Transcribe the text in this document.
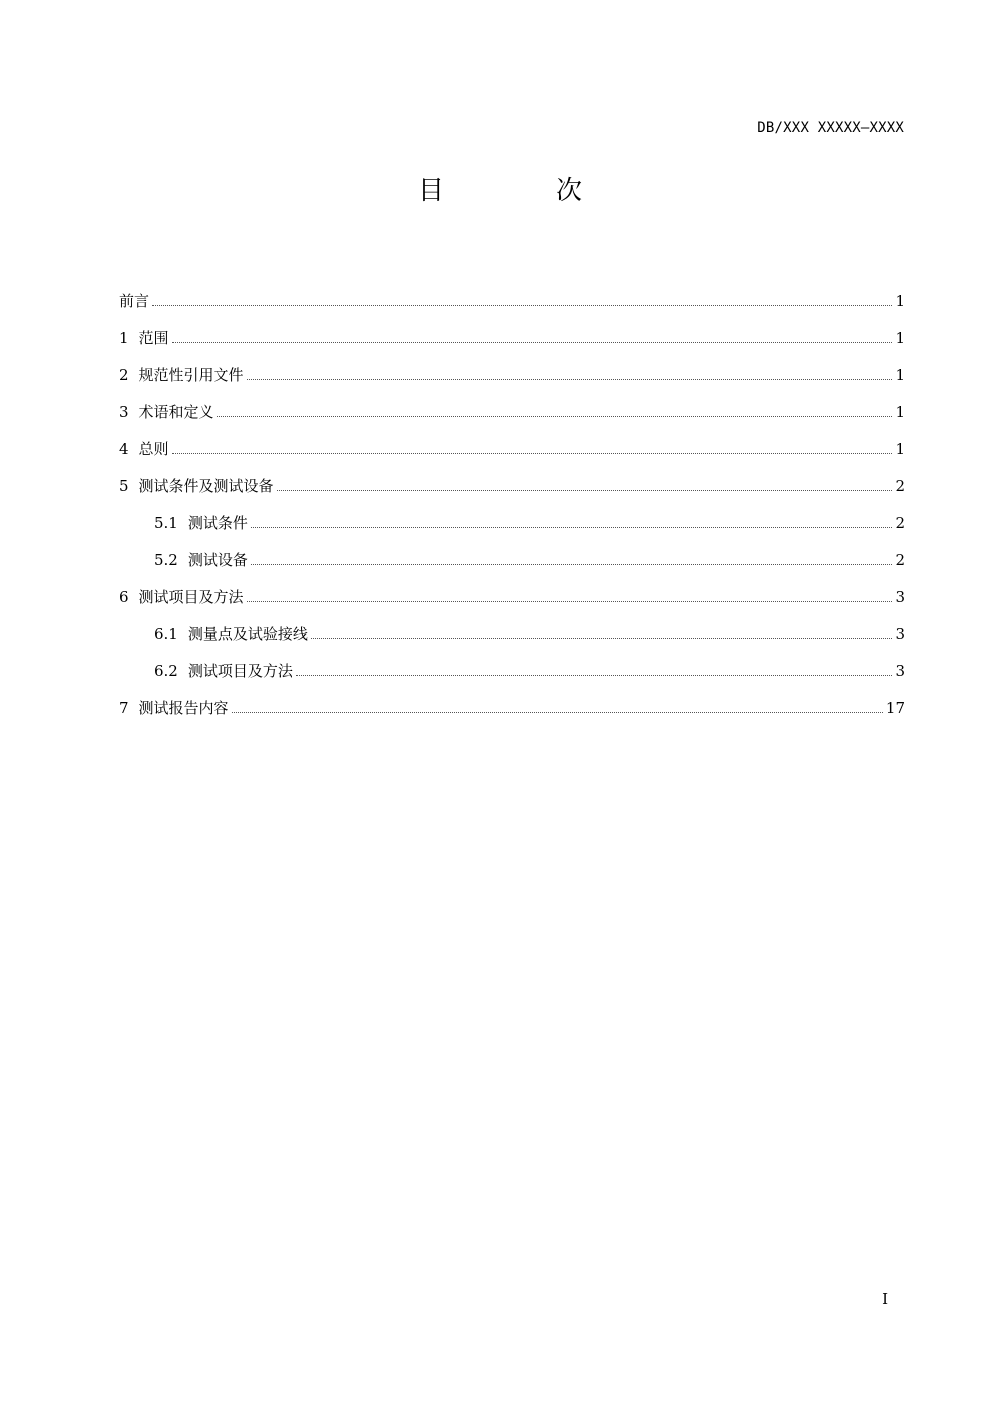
DB/XXX XXXXX—XXXX
目	次
前言	1
1 范围	1
2 规范性引用文件	1
3 术语和定义	1
4 总则	1
5 测试条件及测试设备	2
5.1 测试条件	2
5.2 测试设备	2
6 测试项目及方法	3
6.1 测量点及试验接线	3
6.2 测试项目及方法	3
7 测试报告内容	17
I
